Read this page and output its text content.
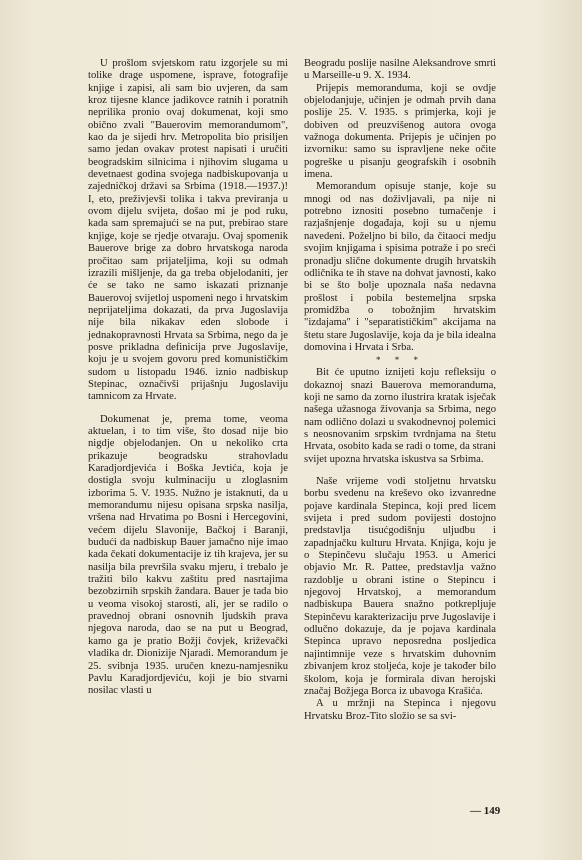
U prošlom svjetskom ratu izgorjele su mi tolike drage uspomene, isprave, fotografije knjige i zapisi, ali sam bio uvjeren, da sam kroz tijesne klance jadikovce ratnih i poratnih neprilika pronio ovaj dokumenat, koji smo obično zvali "Bauerovim memorandumom", kao da je sijedi hrv. Metropolita bio prisiljen samo jedan ovakav protest napisati i uručiti beogradskim silnicima i njihovim slugama u devetnaest godina svojega nadbiskupovanja u zajedničkoj državi sa Srbima (1918.—1937.)! I, eto, preživjevši tolika i takva previranja u ovom dijelu svijeta, došao mi je pod ruku, kada sam spremajući se na put, prebirao stare knjige, koje se rjedje otvaraju. Ovaj spomenik Bauerove brige za dobro hrvatskoga naroda pročitao sam prijateljima, koji su odmah izrazili mišljenje, da ga treba objelodaniti, jer će se tako ne samo iskazati priznanje Bauerovoj svijetloj uspomeni nego i hrvatskim neprijateljima dokazati, da prva Jugoslavija nije bila nikakav eden slobode i jednakopravnosti Hrvata sa Srbima, nego da je posve prikladna definicija prve Jugoslavije, koju je u svojem govoru pred komunističkim sudom u listopadu 1946. iznio nadbiskup Stepinac, označivši prijašnju Jugoslaviju tamnicom za Hrvate.

Dokumenat je, prema tome, veoma aktuelan, i to tim više, što dosad nije bio nigdje objelodanjen. On u nekoliko crta prikazuje beogradsku strahovladu Karadjordjevića i Boška Jevtića, koja je dostigla svoju kulminaciju u zloglasnim izborima 5. V. 1935. Nužno je istaknuti, da u memorandumu nijesu opisana srpska nasilja, vršena nad Hrvatima po Bosni i Hercegovini, većem dijelu Slavonije, Bačkoj i Baranji, budući da nadbiskup Bauer jamačno nije imao kada čekati dokumentacije iz tih krajeva, jer su nasilja bila prevršila svaku mjeru, i trebalo je tražiti bilo kakvu zaštitu pred nasrtajima bezobzirnih srpskih žandara. Bauer je tada bio u veoma visokoj starosti, ali, jer se radilo o pravednoj obrani osnovnih ljudskih prava njegova naroda, dao se na put u Beograd, kamo ga je pratio Božji čovjek, križevački vladika dr. Dionizije Njaradi. Memorandum je 25. svibnja 1935. uručen knezu-namjesniku Pavlu Karadjordjeviću, koji je bio stvarni nosilac vlasti u

Beogradu poslije nasilne Aleksandrove smrti u Marseille-u 9. X. 1934.

Prijepis memoranduma, koji se ovdje objelodanjuje, učinjen je odmah prvih dana poslije 25. V. 1935. s primjerka, koji je dobiven od preuzvišenog autora ovoga važnoga dokumenta. Prijepis je učinjen po izvorniku: samo su ispravljene neke očite pogreške u pisanju geografskih i osobnih imena.

Memorandum opisuje stanje, koje su mnogi od nas doživljavali, pa nije ni potrebno iznositi posebno tumačenje i razjašnjenje događaja, koji su u njemu navedeni. Poželjno bi bilo, da čitaoci medju svojim knjigama i spisima potraže i po sreći pronadju slične dokumente drugih hrvatskih odličnika te ih stave na dohvat javnosti, kako bi se što bolje upoznala naša nedavna prošlost i pobila bestemeljna srpska promidžba o tobožnjim hrvatskim "izdajama" i "separatističkim" akcijama na štetu stare Jugoslavije, koja da je bila idealna domovina i Hrvata i Srba.

* * *

Bit će uputno iznijeti koju refleksiju o dokaznoj snazi Bauerova memoranduma, koji ne samo da zorno ilustrira kratak isječak našega užasnoga živovanja sa Srbima, nego nam odlično dolazi u svakodnevnoj polemici s neosnovanim srpskim tvrdnjama na štetu Hrvata, osobito kada se radi o tome, da strani svijet upozna hrvatska iskustva sa Srbima.

Naše vrijeme vodi stoljetnu hrvatsku borbu svedenu na kreševo oko izvanredne pojave kardinala Stepinca, koji pred licem svijeta i pred sudom povijesti dostojno predstavlja tisućgodišnju uljudbu i zapadnjačku kulturu Hrvata. Knjiga, koju je o Stepinčevu slučaju 1953. u Americi objavio Mr. R. Pattee, predstavlja važno razdoblje u obrani istine o Stepincu i njegovoj Hrvatskoj, a memorandum nadbiskupa Bauera snažno potkrepljuje Stepinčevu karakterizaciju prve Jugoslavije i odlučno dokazuje, da je pojava kardinala Stepinca upravo neposredna posljedica najintimnije veze s hrvatskim duhovnim zbivanjem kroz stoljeća, koje je također bilo školom, koja je formirala divan herojski značaj Božjega Borca iz ubavoga Krašića.

A u mržnji na Stepinca i njegovu Hrvatsku Broz-Tito složio se sa svi-

— 149
